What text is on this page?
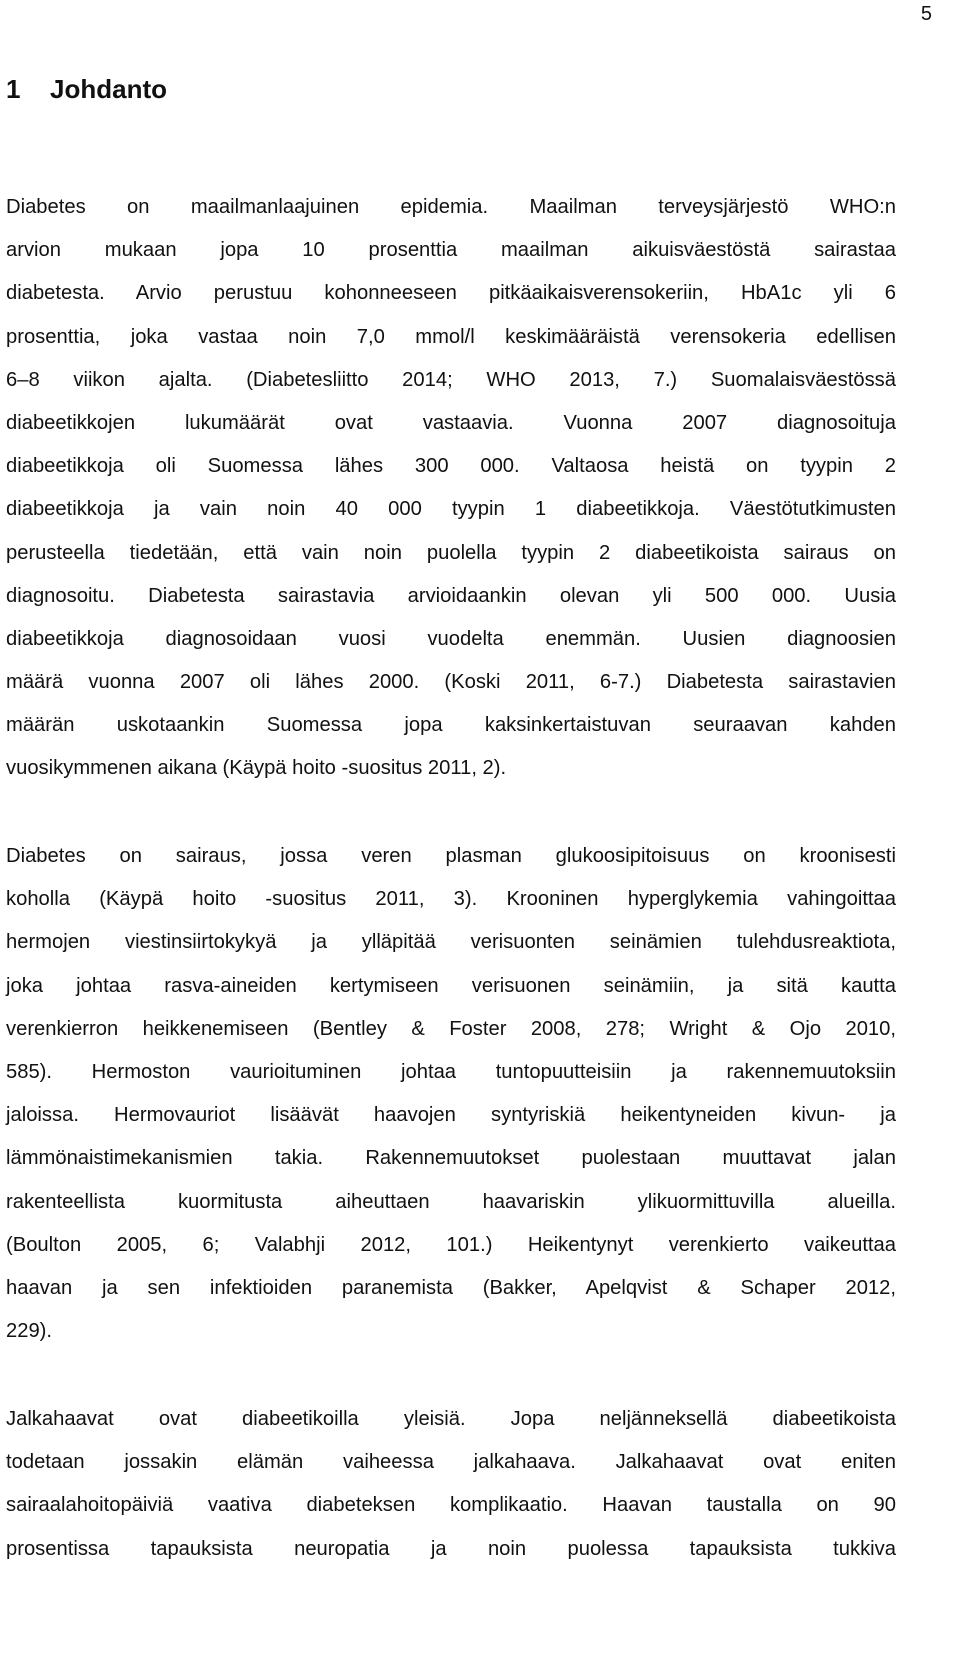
5
1 Johdanto

Diabetes on maailmanlaajuinen epidemia. Maailman terveysjärjestö WHO:n
arvion mukaan jopa 10 prosenttia maailman aikuisväestöstä sairastaa
diabetesta. Arvio perustuu kohonneeseen pitkäaikaisverensokeriin, HbA1c yli 6
prosenttia, joka vastaa noin 7,0 mmol/l keskimääräistä verensokeria edellisen
6–8 viikon ajalta. (Diabetesliitto 2014; WHO 2013, 7.) Suomalaisväestössä
diabeetikkojen lukumäärät ovat vastaavia. Vuonna 2007 diagnosoituja
diabeetikkoja oli Suomessa lähes 300 000. Valtaosa heistä on tyypin 2
diabeetikkoja ja vain noin 40 000 tyypin 1 diabeetikkoja. Väestötutkimusten
perusteella tiedetään, että vain noin puolella tyypin 2 diabeetikoista sairaus on
diagnosoitu. Diabetesta sairastavia arvioidaankin olevan yli 500 000. Uusia
diabeetikkoja diagnosoidaan vuosi vuodelta enemmän. Uusien diagnoosien
määrä vuonna 2007 oli lähes 2000. (Koski 2011, 6-7.) Diabetesta sairastavien
määrän uskotaankin Suomessa jopa kaksinkertaistuvan seuraavan kahden
vuosikymmenen aikana (Käypä hoito -suositus 2011, 2).

Diabetes on sairaus, jossa veren plasman glukoosipitoisuus on kroonisesti
koholla (Käypä hoito -suositus 2011, 3). Krooninen hyperglykemia vahingoittaa
hermojen viestinsiirtokykyä ja ylläpitää verisuonten seinämien tulehdusreaktiota,
joka johtaa rasva-aineiden kertymiseen verisuonen seinämiin, ja sitä kautta
verenkierron heikkenemiseen (Bentley & Foster 2008, 278; Wright & Ojo 2010,
585). Hermoston vaurioituminen johtaa tuntopuutteisiin ja rakennemuutoksiin
jaloissa. Hermovauriot lisäävät haavojen syntyriskiä heikentyneiden kivun- ja
lämmönaistimekanismien takia. Rakennemuutokset puolestaan muuttavat jalan
rakenteellista kuormitusta aiheuttaen haavariskin ylikuormittuvilla alueilla.
(Boulton 2005, 6; Valabhji 2012, 101.) Heikentynyt verenkierto vaikeuttaa
haavan ja sen infektioiden paranemista (Bakker, Apelqvist & Schaper 2012,
229).

Jalkahaavat ovat diabeetikoilla yleisiä. Jopa neljänneksellä diabeetikoista
todetaan jossakin elämän vaiheessa jalkahaava. Jalkahaavat ovat eniten
sairaalahoitopäiviä vaativa diabeteksen komplikaatio. Haavan taustalla on 90
prosentissa tapauksista neuropatia ja noin puolessa tapauksista tukkiva
